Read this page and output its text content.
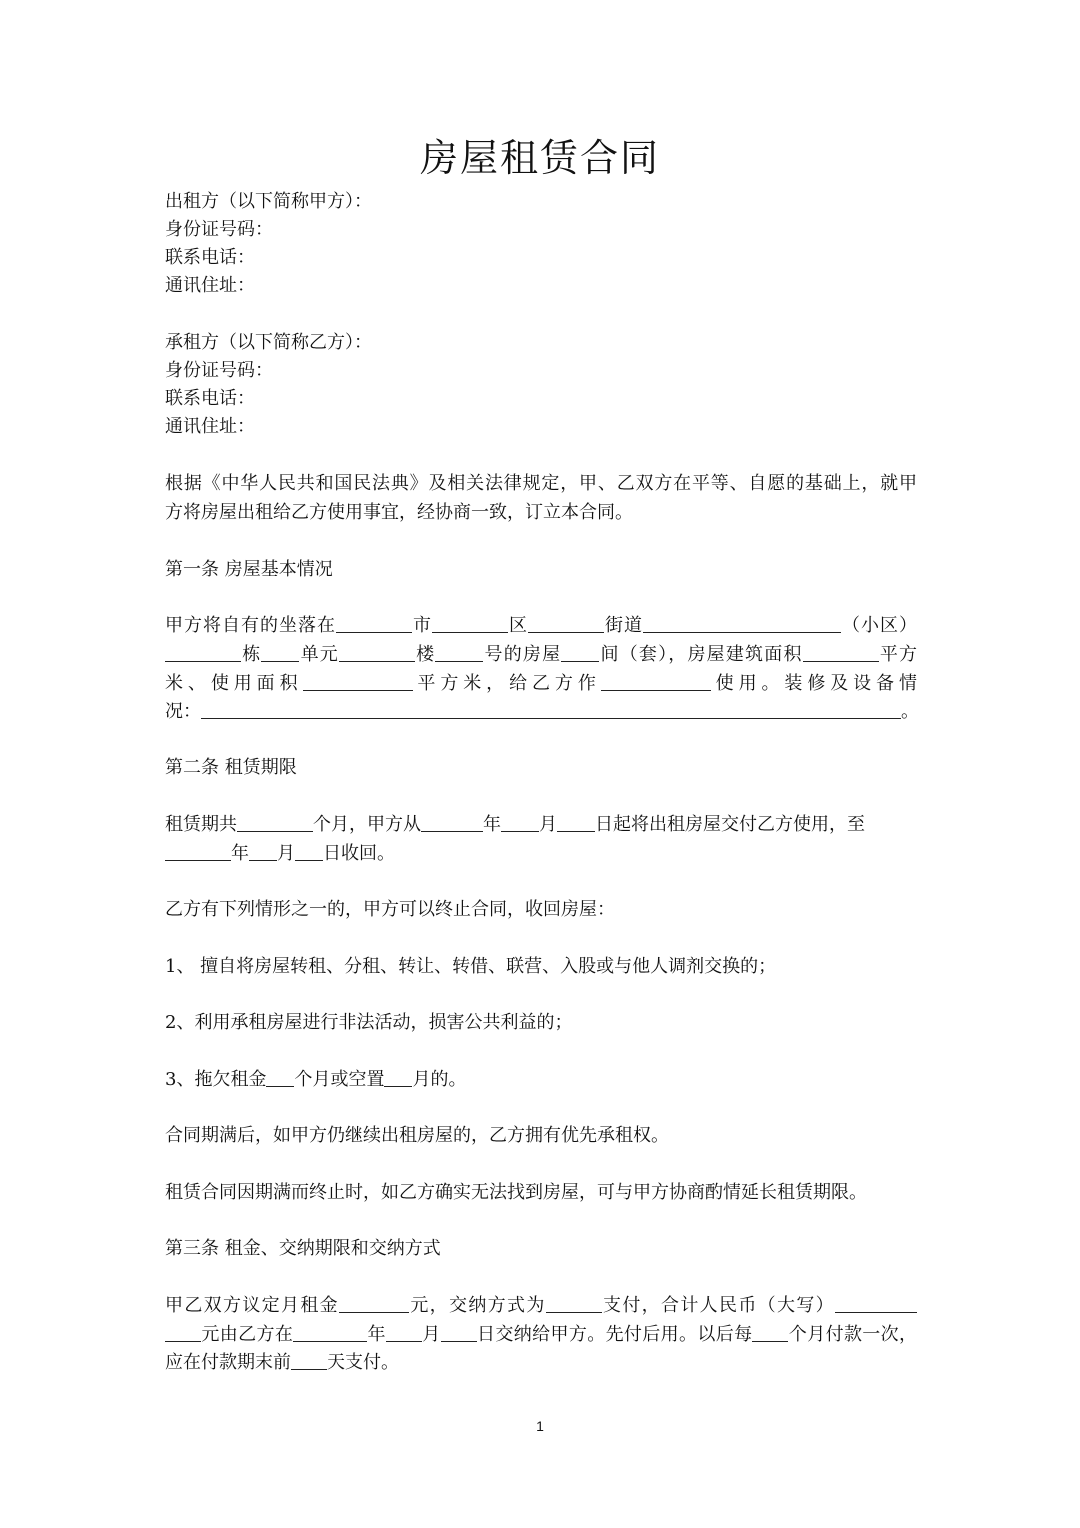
房屋租赁合同

出租方（以下简称甲方）：

身份证号码：

联系电话：

通讯住址：

承租方（以下简称乙方）：

身份证号码：

联系电话：

通讯住址：

根据《中华人民共和国民法典》及相关法律规定，甲、乙双方在平等、自愿的基础上，就甲

方将房屋出租给乙方使用事宜，经协商一致，订立本合同。

第一条 房屋基本情况

甲方将自有的坐落在	市	区	街道	（小区）

栋 单元	楼	号的房屋 间（套），房屋建筑面积	平方

米、使用面积	平方米，给乙方作	使用。装修及设备情

况：	。

第二条 租赁期限

租赁期共	个月，甲方从	年 月 日起将出租房屋交付乙方使用，至

年 月 日收回。

乙方有下列情形之一的，甲方可以终止合同，收回房屋：

1、 擅自将房屋转租、分租、转让、转借、联营、入股或与他人调剂交换的；

2、利用承租房屋进行非法活动，损害公共利益的；

3、拖欠租金 个月或空置 月的。

合同期满后，如甲方仍继续出租房屋的，乙方拥有优先承租权。

租赁合同因期满而终止时，如乙方确实无法找到房屋，可与甲方协商酌情延长租赁期限。

第三条 租金、交纳期限和交纳方式

甲乙双方议定月租金	元，交纳方式为	支付，合计人民币（大写）

元由乙方在	年 月 日交纳给甲方。先付后用。以后每 个月付款一次，

应在付款期末前 天支付。

1
